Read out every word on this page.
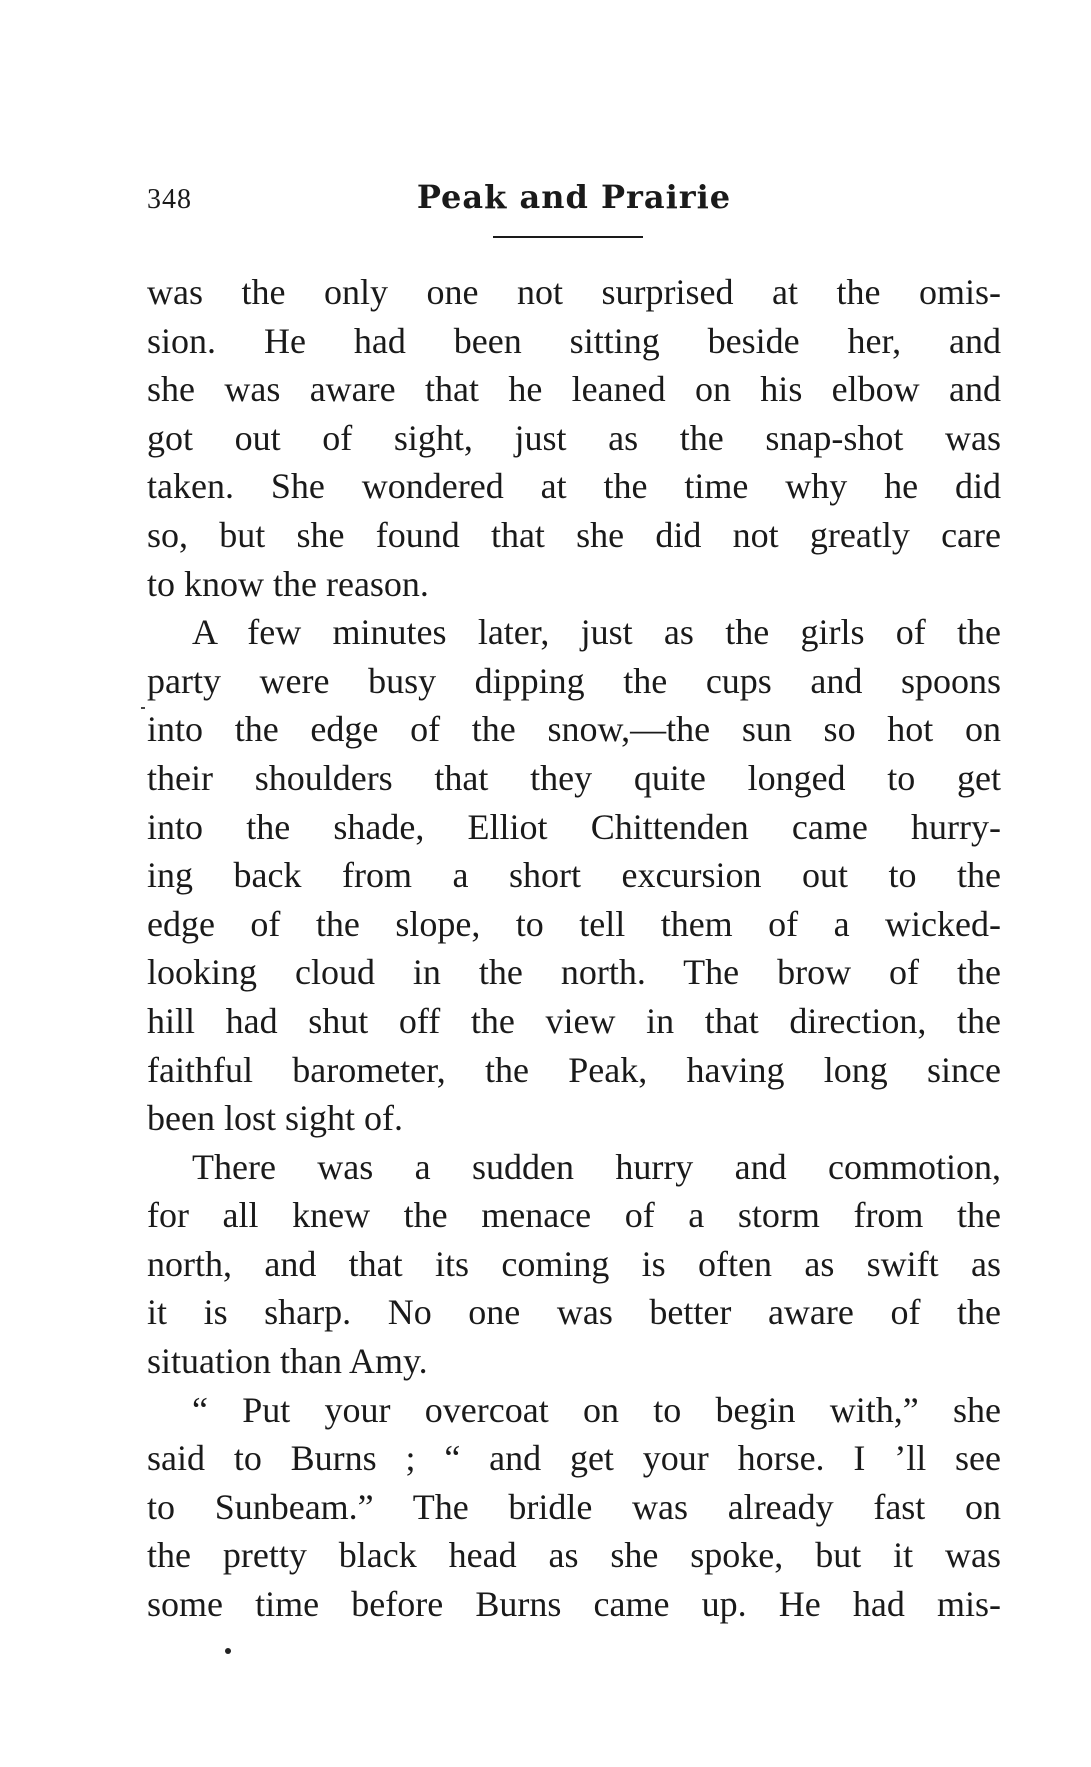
348	Peak and Prairie
was the only one not surprised at the omis-
sion. He had been sitting beside her, and
she was aware that he leaned on his elbow and
got out of sight, just as the snap-shot was
taken. She wondered at the time why he did
so, but she found that she did not greatly care
to know the reason.
A few minutes later, just as the girls of the
party were busy dipping the cups and spoons
into the edge of the snow,—the sun so hot on
their shoulders that they quite longed to get
into the shade, Elliot Chittenden came hurry-
ing back from a short excursion out to the
edge of the slope, to tell them of a wicked-
looking cloud in the north. The brow of the
hill had shut off the view in that direction, the
faithful barometer, the Peak, having long since
been lost sight of.
There was a sudden hurry and commotion,
for all knew the menace of a storm from the
north, and that its coming is often as swift as
it is sharp. No one was better aware of the
situation than Amy.
“ Put your overcoat on to begin with,” she
said to Burns ; “ and get your horse. I ’ll see
to Sunbeam.” The bridle was already fast on
the pretty black head as she spoke, but it was
some time before Burns came up. He had mis-
